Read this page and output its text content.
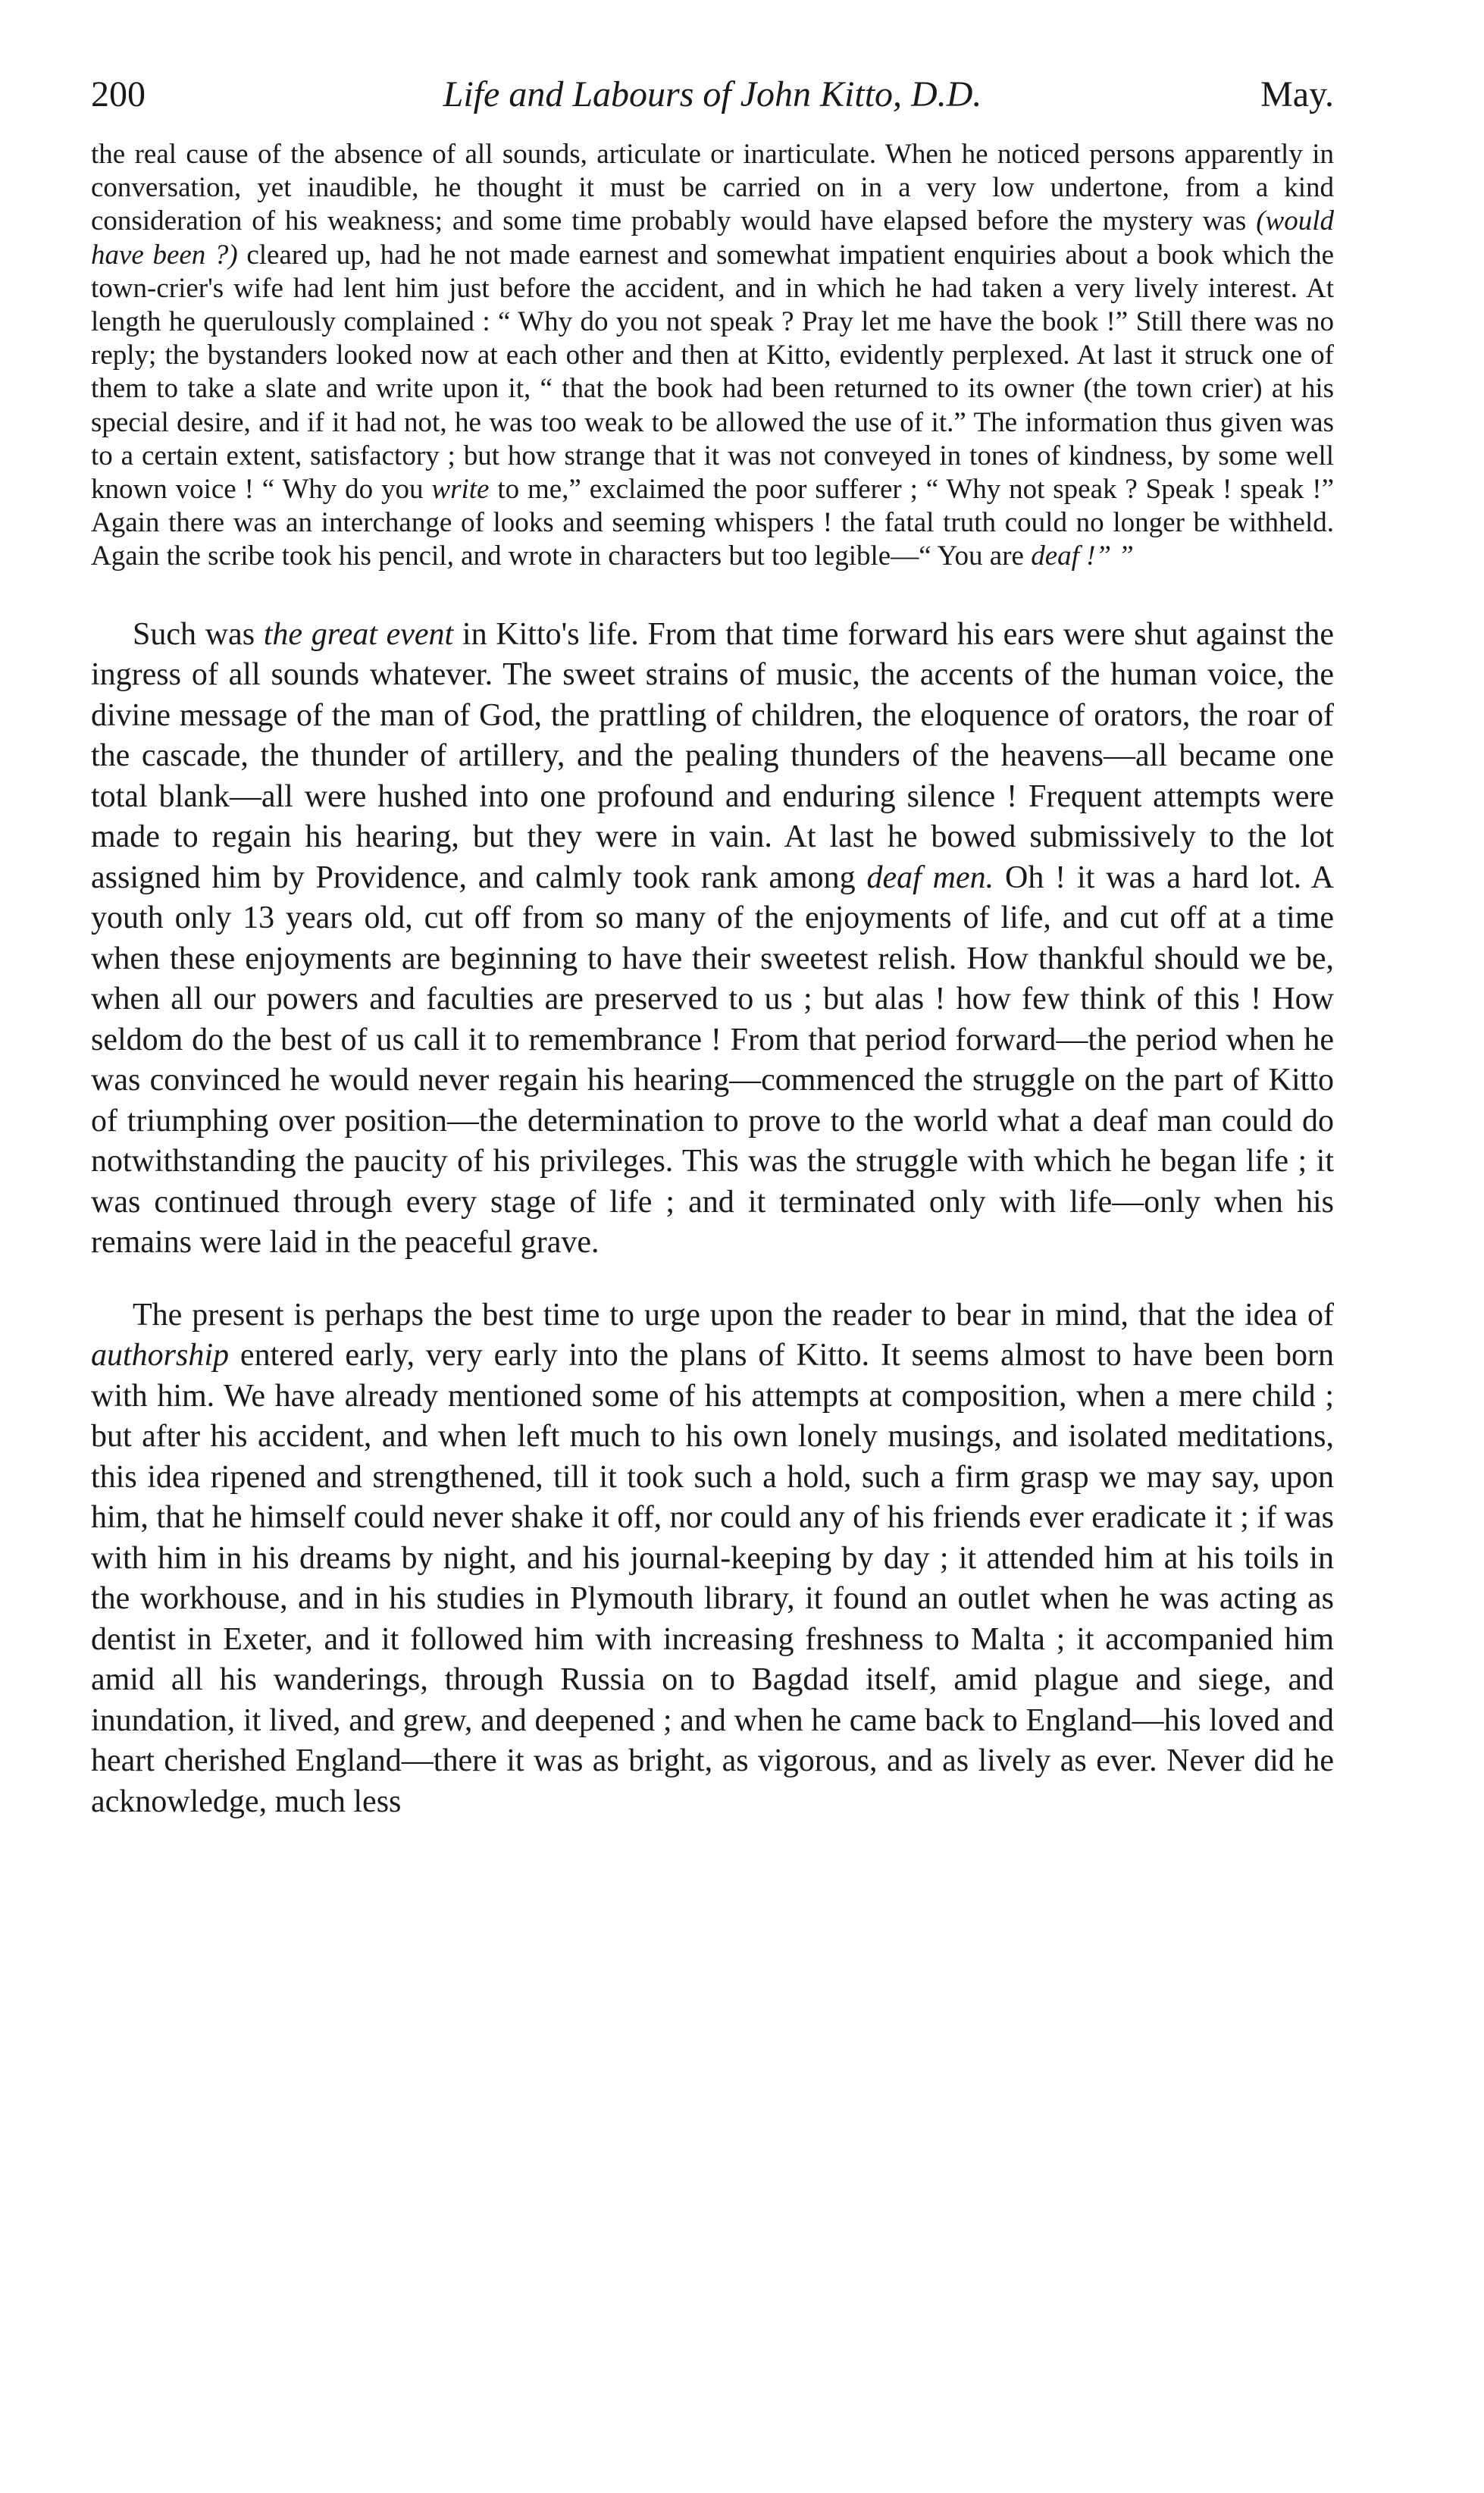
200	Life and Labours of John Kitto, D.D.	May.

the real cause of the absence of all sounds, articulate or inarticulate. When he noticed persons apparently in conversation, yet inaudible, he thought it must be carried on in a very low undertone, from a kind consideration of his weakness; and some time probably would have elapsed before the mystery was (would have been ?) cleared up, had he not made earnest and somewhat impatient enquiries about a book which the town-crier's wife had lent him just before the accident, and in which he had taken a very lively interest. At length he querulously complained : “ Why do you not speak ? Pray let me have the book !” Still there was no reply; the bystanders looked now at each other and then at Kitto, evidently perplexed. At last it struck one of them to take a slate and write upon it, “ that the book had been returned to its owner (the town crier) at his special desire, and if it had not, he was too weak to be allowed the use of it.” The information thus given was to a certain extent, satisfactory ; but how strange that it was not conveyed in tones of kindness, by some well known voice ! “ Why do you write to me,” exclaimed the poor sufferer ; “ Why not speak ? Speak ! speak !” Again there was an interchange of looks and seeming whispers ! the fatal truth could no longer be withheld. Again the scribe took his pencil, and wrote in characters but too legible—“ You are deaf !” ”

Such was the great event in Kitto's life. From that time forward his ears were shut against the ingress of all sounds whatever. The sweet strains of music, the accents of the human voice, the divine message of the man of God, the prattling of children, the eloquence of orators, the roar of the cascade, the thunder of artillery, and the pealing thunders of the heavens—all became one total blank—all were hushed into one profound and enduring silence ! Frequent attempts were made to regain his hearing, but they were in vain. At last he bowed submissively to the lot assigned him by Providence, and calmly took rank among deaf men. Oh ! it was a hard lot. A youth only 13 years old, cut off from so many of the enjoyments of life, and cut off at a time when these enjoyments are beginning to have their sweetest relish. How thankful should we be, when all our powers and faculties are preserved to us ; but alas ! how few think of this ! How seldom do the best of us call it to remembrance ! From that period forward—the period when he was convinced he would never regain his hearing—commenced the struggle on the part of Kitto of triumphing over position—the determination to prove to the world what a deaf man could do notwithstanding the paucity of his privileges. This was the struggle with which he began life ; it was continued through every stage of life ; and it terminated only with life—only when his remains were laid in the peaceful grave.

The present is perhaps the best time to urge upon the reader to bear in mind, that the idea of authorship entered early, very early into the plans of Kitto. It seems almost to have been born with him. We have already mentioned some of his attempts at composition, when a mere child ; but after his accident, and when left much to his own lonely musings, and isolated meditations, this idea ripened and strengthened, till it took such a hold, such a firm grasp we may say, upon him, that he himself could never shake it off, nor could any of his friends ever eradicate it ; if was with him in his dreams by night, and his journal-keeping by day ; it attended him at his toils in the workhouse, and in his studies in Plymouth library, it found an outlet when he was acting as dentist in Exeter, and it followed him with increasing freshness to Malta ; it accompanied him amid all his wanderings, through Russia on to Bagdad itself, amid plague and siege, and inundation, it lived, and grew, and deepened ; and when he came back to England—his loved and heart cherished England—there it was as bright, as vigorous, and as lively as ever. Never did he acknowledge, much less
